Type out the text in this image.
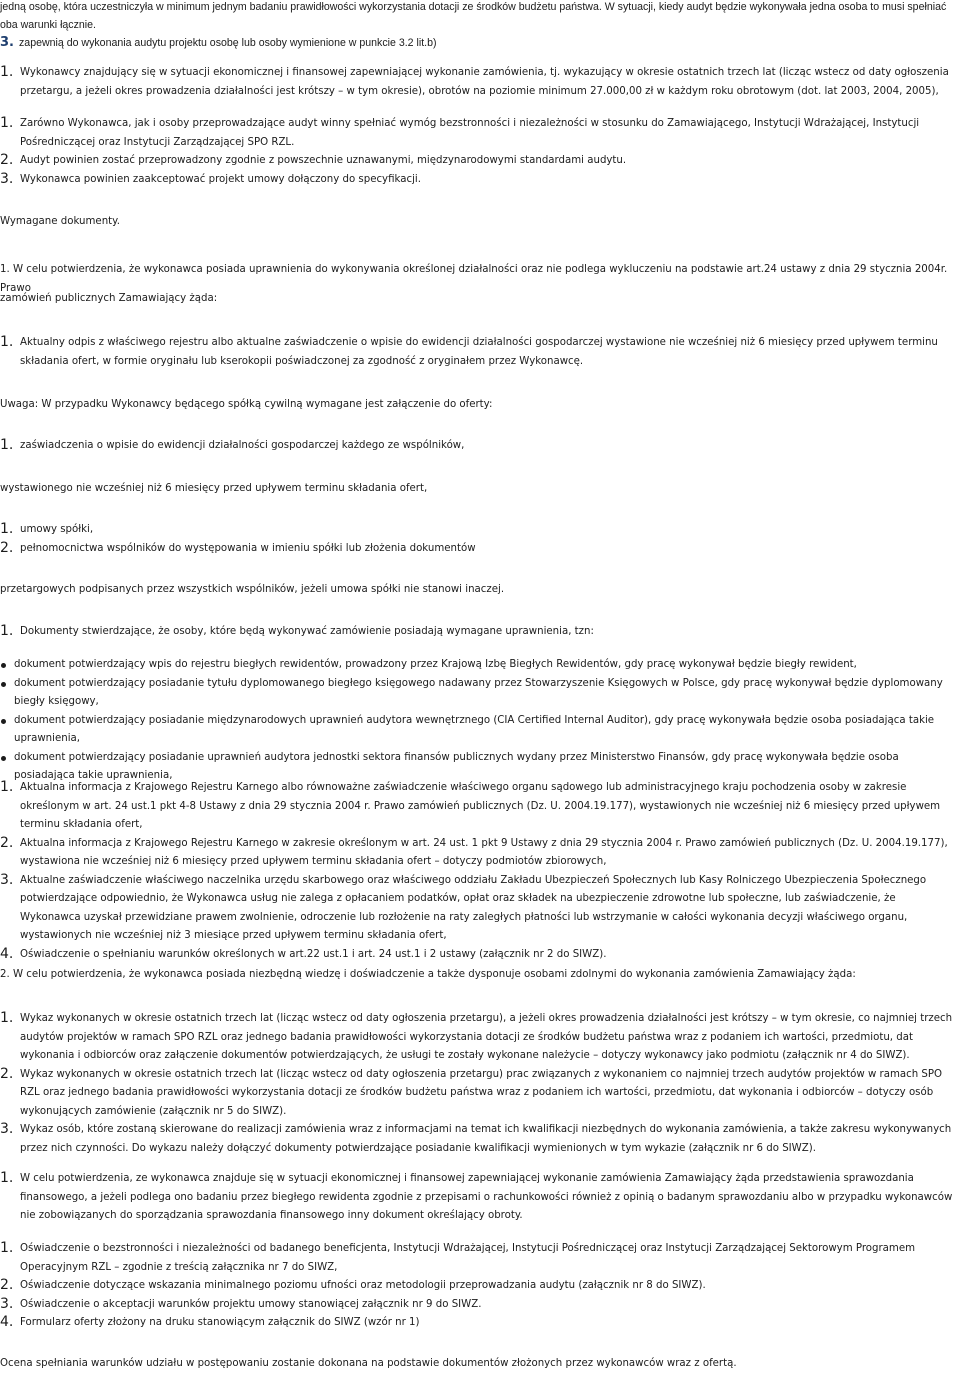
jedną osobę, która uczestniczyła w minimum jednym badaniu prawidłowości wykorzystania dotacji ze środków budżetu państwa. W sytuacji, kiedy audyt będzie wykonywała jedna osoba to musi spełniać oba warunki łącznie.

3. zapewnią do wykonania audytu projektu osobę lub osoby wymienione w punkcie 3.2 lit.b)
1. Wykonawcy znajdujący się w sytuacji ekonomicznej i finansowej zapewniającej wykonanie zamówienia, tj. wykazujący w okresie ostatnich trzech lat (licząc wstecz od daty ogłoszenia przetargu, a jeżeli okres prowadzenia działalności jest krótszy – w tym okresie), obrotów na poziomie minimum 27.000,00 zł w każdym roku obrotowym (dot. lat 2003, 2004, 2005),
1. Zarówno Wykonawca, jak i osoby przeprowadzające audyt winny spełniać wymóg bezstronności i niezależności w stosunku do Zamawiającego, Instytucji Wdrażającej, Instytucji Pośredniczącej oraz Instytucji Zarządzającej SPO RZL.
2. Audyt powinien zostać przeprowadzony zgodnie z powszechnie uznawanymi, międzynarodowymi standardami audytu.
3. Wykonawca powinien zaakceptować projekt umowy dołączony do specyfikacji.

Wymagane dokumenty.

1. W celu potwierdzenia, że wykonawca posiada uprawnienia do wykonywania określonej działalności oraz nie podlega wykluczeniu na podstawie art.24 ustawy z dnia 29 stycznia 2004r. Prawo

zamówień publicznych Zamawiający żąda:

1. Aktualny odpis z właściwego rejestru albo aktualne zaświadczenie o wpisie do ewidencji działalności gospodarczej wystawione nie wcześniej niż 6 miesięcy przed upływem terminu składania ofert, w formie oryginału lub kserokopii poświadczonej za zgodność z oryginałem przez Wykonawcę.

Uwaga: W przypadku Wykonawcy będącego spółką cywilną wymagane jest załączenie do oferty:

1. zaświadczenia o wpisie do ewidencji działalności gospodarczej każdego ze wspólników,

wystawionego nie wcześniej niż 6 miesięcy przed upływem terminu składania ofert,

1. umowy spółki,
2. pełnomocnictwa wspólników do występowania w imieniu spółki lub złożenia dokumentów

przetargowych podpisanych przez wszystkich wspólników, jeżeli umowa spółki nie stanowi inaczej.

1. Dokumenty stwierdzające, że osoby, które będą wykonywać zamówienie posiadają wymagane uprawnienia, tzn:
dokument potwierdzający wpis do rejestru biegłych rewidentów, prowadzony przez Krajową Izbę Biegłych Rewidentów, gdy pracę wykonywał będzie biegły rewident,
dokument potwierdzający posiadanie tytułu dyplomowanego biegłego księgowego nadawany przez Stowarzyszenie Księgowych w Polsce, gdy pracę wykonywał będzie dyplomowany biegły księgowy,
dokument potwierdzający posiadanie międzynarodowych uprawnień audytora wewnętrznego (CIA Certified Internal Auditor), gdy pracę wykonywała będzie osoba posiadająca takie uprawnienia,
dokument potwierdzający posiadanie uprawnień audytora jednostki sektora finansów publicznych wydany przez Ministerstwo Finansów, gdy pracę wykonywała będzie osoba posiadająca takie uprawnienia,
1. Aktualna informacja z Krajowego Rejestru Karnego albo równoważne zaświadczenie właściwego organu sądowego lub administracyjnego kraju pochodzenia osoby w zakresie określonym w art. 24 ust.1 pkt 4-8 Ustawy z dnia 29 stycznia 2004 r. Prawo zamówień publicznych (Dz. U. 2004.19.177), wystawionych nie wcześniej niż 6 miesięcy przed upływem terminu składania ofert,
2. Aktualna informacja z Krajowego Rejestru Karnego w zakresie określonym w art. 24 ust. 1 pkt 9 Ustawy z dnia 29 stycznia 2004 r. Prawo zamówień publicznych (Dz. U. 2004.19.177), wystawiona nie wcześniej niż 6 miesięcy przed upływem terminu składania ofert – dotyczy podmiotów zbiorowych,
3. Aktualne zaświadczenie właściwego naczelnika urzędu skarbowego oraz właściwego oddziału Zakładu Ubezpieczeń Społecznych lub Kasy Rolniczego Ubezpieczenia Społecznego potwierdzające odpowiednio, że Wykonawca usług nie zalega z opłacaniem podatków, opłat oraz składek na ubezpieczenie zdrowotne lub społeczne, lub zaświadczenie, że Wykonawca uzyskał przewidziane prawem zwolnienie, odroczenie lub rozłożenie na raty zaległych płatności lub wstrzymanie w całości wykonania decyzji właściwego organu, wystawionych nie wcześniej niż 3 miesiące przed upływem terminu składania ofert,
4. Oświadczenie o spełnianiu warunków określonych w art.22 ust.1 i art. 24 ust.1 i 2 ustawy (załącznik nr 2 do SIWZ).

2. W celu potwierdzenia, że wykonawca posiada niezbędną wiedzę i doświadczenie a także dysponuje osobami zdolnymi do wykonania zamówienia Zamawiający żąda:

1. Wykaz wykonanych w okresie ostatnich trzech lat (licząc wstecz od daty ogłoszenia przetargu), a jeżeli okres prowadzenia działalności jest krótszy – w tym okresie, co najmniej trzech audytów projektów w ramach SPO RZL oraz jednego badania prawidłowości wykorzystania dotacji ze środków budżetu państwa wraz z podaniem ich wartości, przedmiotu, dat wykonania i odbiorców oraz załączenie dokumentów potwierdzających, że usługi te zostały wykonane należycie – dotyczy wykonawcy jako podmiotu (załącznik nr 4 do SIWZ).
2. Wykaz wykonanych w okresie ostatnich trzech lat (licząc wstecz od daty ogłoszenia przetargu) prac związanych z wykonaniem co najmniej trzech audytów projektów w ramach SPO RZL oraz jednego badania prawidłowości wykorzystania dotacji ze środków budżetu państwa wraz z podaniem ich wartości, przedmiotu, dat wykonania i odbiorców – dotyczy osób wykonujących zamówienie (załącznik nr 5 do SIWZ).
3. Wykaz osób, które zostaną skierowane do realizacji zamówienia wraz z informacjami na temat ich kwalifikacji niezbędnych do wykonania zamówienia, a także zakresu wykonywanych przez nich czynności. Do wykazu należy dołączyć dokumenty potwierdzające posiadanie kwalifikacji wymienionych w tym wykazie (załącznik nr 6 do SIWZ).
1. W celu potwierdzenia, ze wykonawca znajduje się w sytuacji ekonomicznej i finansowej zapewniającej wykonanie zamówienia Zamawiający żąda przedstawienia sprawozdania finansowego, a jeżeli podlega ono badaniu przez biegłego rewidenta zgodnie z przepisami o rachunkowości również z opinią o badanym sprawozdaniu albo w przypadku wykonawców nie zobowiązanych do sporządzania sprawozdania finansowego inny dokument określający obroty.
1. Oświadczenie o bezstronności i niezależności od badanego beneficjenta, Instytucji Wdrażającej, Instytucji Pośredniczącej oraz Instytucji Zarządzającej Sektorowym Programem Operacyjnym RZL – zgodnie z treścią załącznika nr 7 do SIWZ,
2. Oświadczenie dotyczące wskazania minimalnego poziomu ufności oraz metodologii przeprowadzania audytu (załącznik nr 8 do SIWZ).
3. Oświadczenie o akceptacji warunków projektu umowy stanowiącej załącznik nr 9 do SIWZ.
4. Formularz oferty złożony na druku stanowiącym załącznik do SIWZ (wzór nr 1)

Ocena spełniania warunków udziału w postępowaniu zostanie dokonana na podstawie dokumentów złożonych przez wykonawców wraz z ofertą.
